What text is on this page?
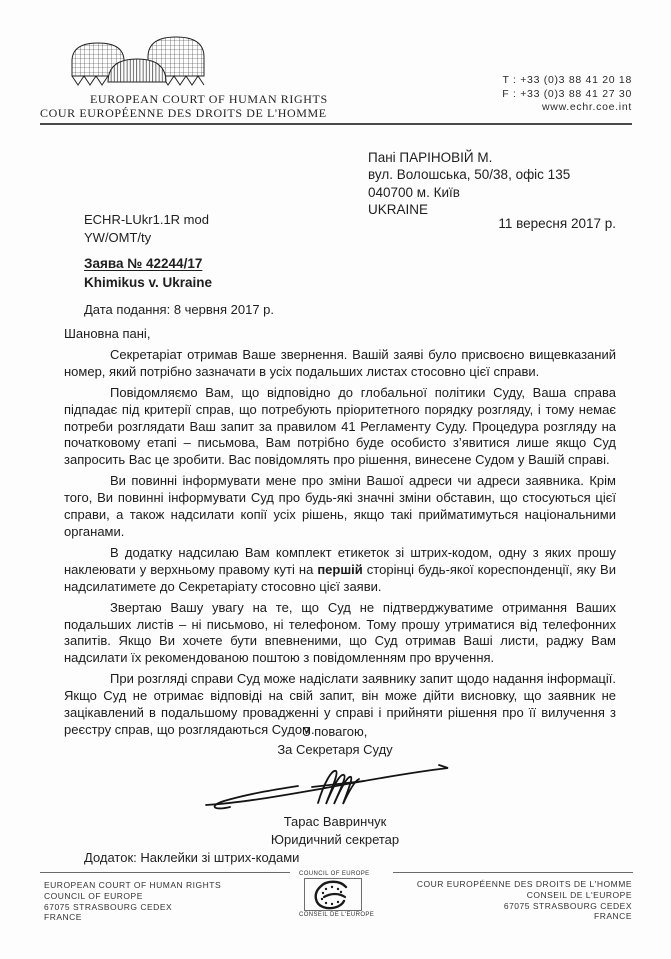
EUROPEAN COURT OF HUMAN RIGHTS
COUR EUROPÉENNE DES DROITS DE L'HOMME
T : +33 (0)3 88 41 20 18
F : +33 (0)3 88 41 27 30
www.echr.coe.int
Пані ПАРІНОВІЙ М.
вул. Волошська, 50/38, офіс 135
040700 м. Київ
UKRAINE
11 вересня 2017 р.
ECHR-LUkr1.1R mod
YW/OMT/ty
Заява № 42244/17
Khimikus v. Ukraine
Дата подання: 8 червня 2017 р.

Шановна пані,

Секретаріат отримав Ваше звернення. Вашій заяві було присвоєно вищевказаний номер, який потрібно зазначати в усіх подальших листах стосовно цієї справи.

Повідомляємо Вам, що відповідно до глобальної політики Суду, Ваша справа підпадає під критерії справ, що потребують пріоритетного порядку розгляду, і тому немає потреби розглядати Ваш запит за правилом 41 Регламенту Суду. Процедура розгляду на початковому етапі – письмова, Вам потрібно буде особисто з’явитися лише якщо Суд запросить Вас це зробити. Вас повідомлять про рішення, винесене Судом у Вашій справі.

Ви повинні інформувати мене про зміни Вашої адреси чи адреси заявника. Крім того, Ви повинні інформувати Суд про будь-які значні зміни обставин, що стосуються цієї справи, а також надсилати копії усіх рішень, якщо такі прийматимуться національними органами.

В додатку надсилаю Вам комплект етикеток зі штрих-кодом, одну з яких прошу наклеювати у верхньому правому куті на першій сторінці будь-якої кореспонденції, яку Ви надсилатимете до Секретаріату стосовно цієї заяви.

Звертаю Вашу увагу на те, що Суд не підтверджуватиме отримання Ваших подальших листів – ні письмово, ні телефоном. Тому прошу утриматися від телефонних запитів. Якщо Ви хочете бути впевненими, що Суд отримав Ваші листи, раджу Вам надсилати їх рекомендованою поштою з повідомленням про вручення.

При розгляді справи Суд може надіслати заявнику запит щодо надання інформації. Якщо Суд не отримає відповіді на свій запит, він може дійти висновку, що заявник не зацікавлений в подальшому провадженні у справі і прийняти рішення про її вилучення з реєстру справ, що розглядаються Судом.

З повагою,
За Секретаря Суду
Тарас Вавринчук
Юридичний секретар
Додаток: Наклейки зі штрих-кодами
EUROPEAN COURT OF HUMAN RIGHTS
COUNCIL OF EUROPE
67075 STRASBOURG CEDEX
FRANCE
COUNCIL OF EUROPE
CONSEIL DE L'EUROPE
COUR EUROPÉENNE DES DROITS DE L'HOMME
CONSEIL DE L'EUROPE
67075 STRASBOURG CEDEX
FRANCE
